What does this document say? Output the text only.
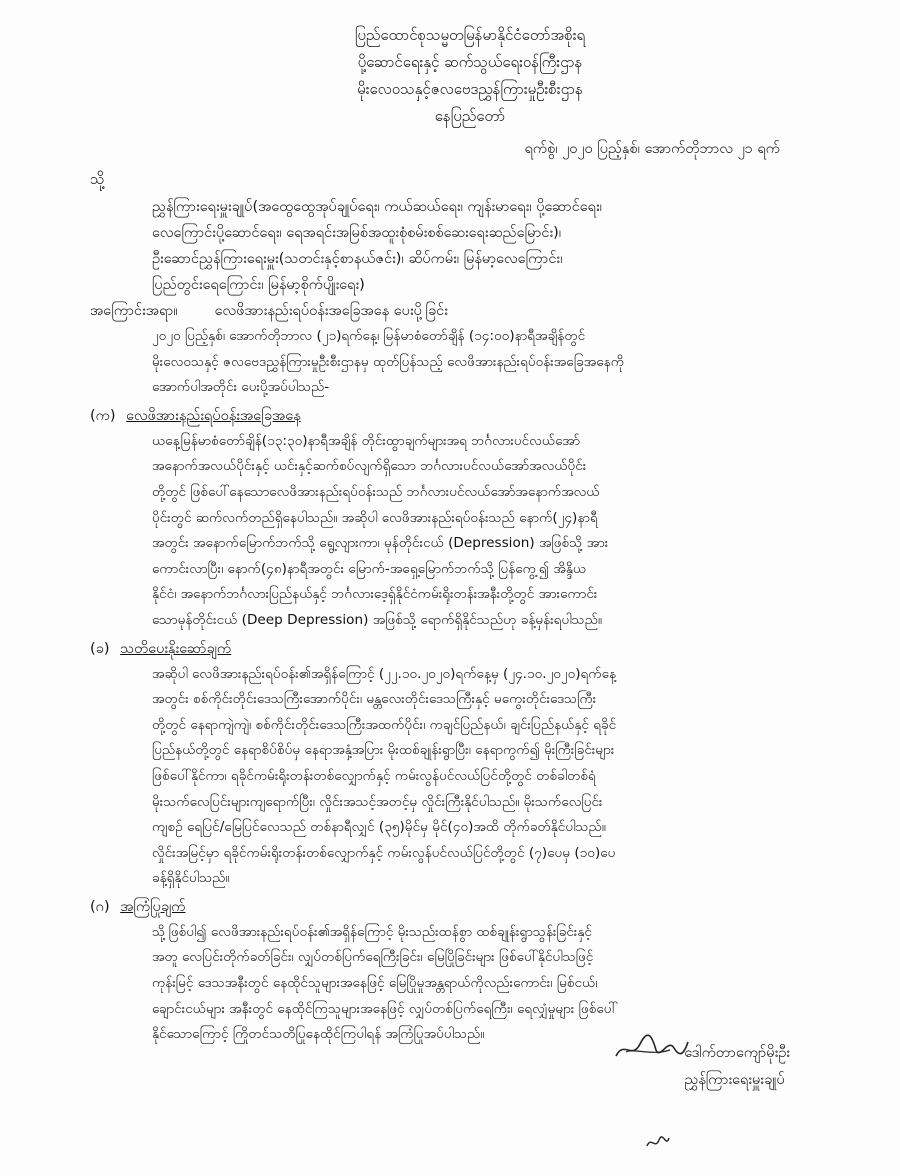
ပြည်ထောင်စုသမ္မတမြန်မာနိုင်ငံတော်အစိုးရ
ပို့ဆောင်ရေးနှင့် ဆက်သွယ်ရေးဝန်ကြီးဌာန
မိုးလေဝသနှင့်ဇလဗေဒညွှန်ကြားမှုဦးစီးဌာန
နေပြည်တော်
ရက်စွဲ၊ ၂၀၂၀ ပြည့်နှစ်၊ အောက်တိုဘာလ ၂၁ ရက်
သို့
ညွှန်ကြားရေးမှူးချုပ်(အထွေထွေအုပ်ချုပ်ရေး၊ ကယ်ဆယ်ရေး၊ ကျန်းမာရေး၊ ပို့ဆောင်ရေး၊
လေကြောင်းပို့ဆောင်ရေး၊ ရေအရင်းအမြစ်အထူးစုံစမ်းစစ်ဆေးရေးဆည်မြောင်း)၊
ဦးဆောင်ညွှန်ကြားရေးမှူး(သတင်းနှင့်စာနယ်ဇင်း)၊ ဆိပ်ကမ်း၊ မြန်မာ့လေကြောင်း၊
ပြည်တွင်းရေကြောင်း၊ မြန်မာ့စိုက်ပျိုးရေး)
အကြောင်းအရာ။	လေဖိအားနည်းရပ်ဝန်းအခြေအနေ ပေးပို့ခြင်း
၂၀၂၀ ပြည့်နှစ်၊ အောက်တိုဘာလ (၂၁)ရက်နေ့၊ မြန်မာစံတော်ချိန် (၁၄:၀၀)နာရီအချိန်တွင်
မိုးလေဝသနှင့် ဇလဗေဒညွှန်ကြားမှုဦးစီးဌာနမှ ထုတ်ပြန်သည့် လေဖိအားနည်းရပ်ဝန်းအခြေအနေကို
အောက်ပါအတိုင်း ပေးပို့အပ်ပါသည်-
(က) လေဖိအားနည်းရပ်ဝန်းအခြေအနေ
ယနေ့မြန်မာစံတော်ချိန်(၁၃:၃၀)နာရီအချိန် တိုင်းထွာချက်များအရ ဘင်္ဂလားပင်လယ်အော်
အနောက်အလယ်ပိုင်းနှင့် ယင်းနှင့်ဆက်စပ်လျက်ရှိသော ဘင်္ဂလားပင်လယ်အော်အလယ်ပိုင်း
တို့တွင် ဖြစ်ပေါ်နေသောလေဖိအားနည်းရပ်ဝန်းသည် ဘင်္ဂလားပင်လယ်အော်အနောက်အလယ်
ပိုင်းတွင် ဆက်လက်တည်ရှိနေပါသည်။ အဆိုပါ လေဖိအားနည်းရပ်ဝန်းသည် နောက်(၂၄)နာရီ
အတွင်း အနောက်မြောက်ဘက်သို့ ရွေ့လျားကာ၊ မုန်တိုင်းငယ် (Depression) အဖြစ်သို့ အား
ကောင်းလာပြီး၊ နောက်(၄၈)နာရီအတွင်း မြောက်-အရှေ့မြောက်ဘက်သို့ ပြန်ကွေ့၍ အိန္ဒိယ
နိုင်ငံ၊ အနောက်ဘင်္ဂလားပြည်နယ်နှင့် ဘင်္ဂလားဒေ့ရှ်နိုင်ငံကမ်းရိုးတန်းအနီးတို့တွင် အားကောင်း
သောမုန်တိုင်းငယ် (Deep Depression) အဖြစ်သို့ ရောက်ရှိနိုင်သည်ဟု ခန့်မှန်းရပါသည်။
(ခ) သတိပေးနိုးဆော်ချက်
အဆိုပါ လေဖိအားနည်းရပ်ဝန်း၏အရှိန်ကြောင့် (၂၂.၁၀.၂၀၂၀)ရက်နေ့မှ (၂၄.၁၀.၂၀၂၀)ရက်နေ့
အတွင်း စစ်ကိုင်းတိုင်းဒေသကြီးအောက်ပိုင်း၊ မန္တလေးတိုင်းဒေသကြီးနှင့် မကွေးတိုင်းဒေသကြီး
တို့တွင် နေရာကျဲကျဲ၊ စစ်ကိုင်းတိုင်းဒေသကြီးအထက်ပိုင်း၊ ကချင်ပြည်နယ်၊ ချင်းပြည်နယ်နှင့် ရခိုင်
ပြည်နယ်တို့တွင် နေရာစိပ်စိပ်မှ နေရာအနှံ့အပြား မိုးထစ်ချုန်းရွာပြီး၊ နေရာကွက်၍ မိုးကြီးခြင်းများ
ဖြစ်ပေါ်နိုင်ကာ၊ ရခိုင်ကမ်းရိုးတန်းတစ်လျှောက်နှင့် ကမ်းလွန်ပင်လယ်ပြင်တို့တွင် တစ်ခါတစ်ရံ
မိုးသက်လေပြင်းများကျရောက်ပြီး၊ လှိုင်းအသင့်အတင့်မှ လှိုင်းကြီးနိုင်ပါသည်။ မိုးသက်လေပြင်း
ကျစဉ် ရေပြင်/မြေပြင်လေသည် တစ်နာရီလျှင် (၃၅)မိုင်မှ မိုင်(၄၀)အထိ တိုက်ခတ်နိုင်ပါသည်။
လှိုင်းအမြင့်မှာ ရခိုင်ကမ်းရိုးတန်းတစ်လျှောက်နှင့် ကမ်းလွန်ပင်လယ်ပြင်တို့တွင် (၇)ပေမှ (၁၀)ပေ
ခန့်ရှိနိုင်ပါသည်။
(ဂ) အကြံပြုချက်
သို့ဖြစ်ပါ၍ လေဖိအားနည်းရပ်ဝန်း၏အရှိန်ကြောင့် မိုးသည်းထန်စွာ ထစ်ချုန်းရွာသွန်းခြင်းနှင့်
အတူ လေပြင်းတိုက်ခတ်ခြင်း၊ လျှပ်တစ်ပြက်ရေကြီးခြင်း၊ မြေပြိုခြင်းများ ဖြစ်ပေါ်နိုင်ပါသဖြင့်
ကုန်းမြင့် ဒေသအနီးတွင် နေထိုင်သူများအနေဖြင့် မြေပြိုမှုအန္တရာယ်ကိုလည်းကောင်း၊ မြစ်ငယ်၊
ချောင်းငယ်များ အနီးတွင် နေထိုင်ကြသူများအနေဖြင့် လျှပ်တစ်ပြက်ရေကြီး၊ ရေလျှံမှုများ ဖြစ်ပေါ်
နိုင်သောကြောင့် ကြိုတင်သတိပြုနေထိုင်ကြပါရန် အကြံပြုအပ်ပါသည်။
ဒေါက်တာကျော်မိုးဦး
ညွှန်ကြားရေးမှူးချုပ်
